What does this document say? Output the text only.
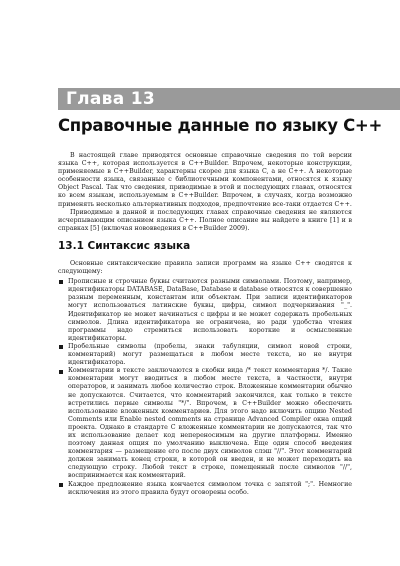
Глава 13
Справочные данные по языку C++

В настоящей главе приводятся основные справочные сведения по той версии языка C++, которая используется в C++Builder. Впрочем, некоторые конструкции, применяемые в C++Builder, характерны скорее для языка C, а не C++. А некоторые особенности языка, связанные с библиотечными компонентами, относятся к языку Object Pascal. Так что сведения, приводимые в этой и последующих главах, относятся ко всем языкам, используемым в C++Builder. Впрочем, в случаях, когда возможно применять несколько альтернативных подходов, предпочтение все-таки отдается C++.

Приводимые в данной и последующих главах справочные сведения не являются исчерпывающим описанием языка C++. Полное описание вы найдете в книге [1] и в справках [5] (включая нововведения в C++Builder 2009).

13.1 Синтаксис языка

Основные синтаксические правила записи программ на языке C++ сводятся к следующему:

Прописные и строчные буквы считаются разными символами. Поэтому, например, идентификаторы DATABASE, DataBase, Database и database относятся к совершенно разным переменным, константам или объектам. При записи идентификаторов могут использоваться латинские буквы, цифры, символ подчеркивания "_". Идентификатор не может начинаться с цифры и не может содержать пробельных символов. Длина идентификатора не ограничена, но ради удобства чтения программы надо стремиться использовать короткие и осмысленные идентификаторы.
Пробельные символы (пробелы, знаки табуляции, символ новой строки, комментарий) могут размещаться в любом месте текста, но не внутри идентификатора.
Комментарии в тексте заключаются в скобки вида /* текст комментария */. Такие комментарии могут вводиться в любом месте текста, в частности, внутри операторов, и занимать любое количество строк. Вложенные комментарии обычно не допускаются. Считается, что комментарий закончился, как только в тексте встретились первые символы "*/". Впрочем, в C++Builder можно обеспечить использование вложенных комментариев. Для этого надо включить опцию Nested Comments или Enable nested comments на странице Advanced Compiler окна опций проекта. Однако в стандарте C вложенные комментарии не допускаются, так что их использование делает код непереносимым на другие платформы. Именно поэтому данная опция по умолчанию выключена. Еще один способ введения комментария — размещение его после двух символов слэш "//". Этот комментарий должен занимать конец строки, в которой он введен, и не может переходить на следующую строку. Любой текст в строке, помещенный после символов "//", воспринимается как комментарий.
Каждое предложение языка кончается символом точка с запятой ";". Немногие исключения из этого правила будут оговорены особо.
